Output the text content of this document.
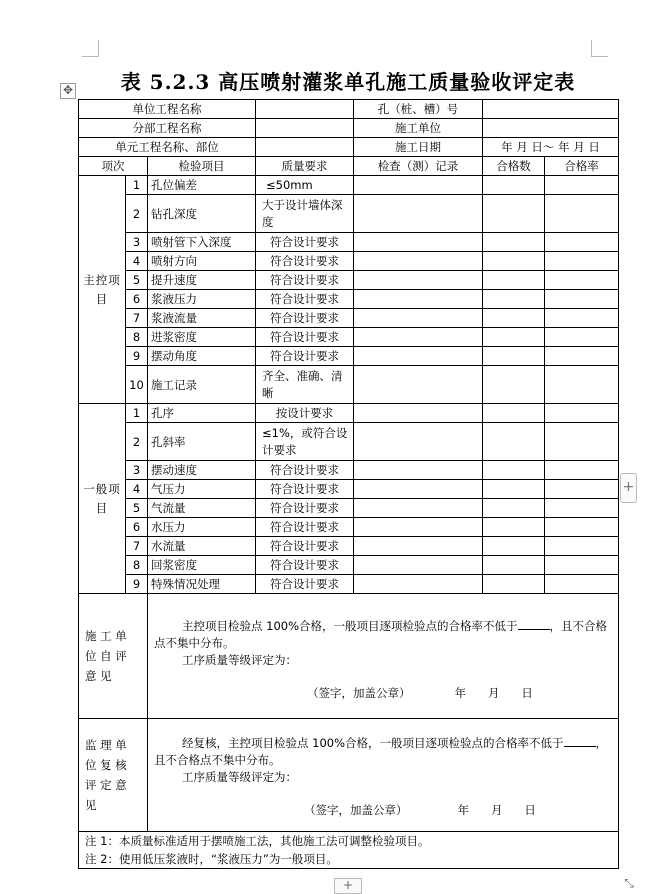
✥
+
+	⤡
表 5.2.3 高压喷射灌浆单孔施工质量验收评定表
单位工程名称				孔（桩、槽）号		
分部工程名称				施工单位		
单元工程名称、部位				施工日期	年 月 日～ 年 月 日	
项次		检验项目	质量要求	检查（测）记录	合格数	合格率
主控项目	1	孔位偏差	≤50mm			
	2	钻孔深度	大于设计墙体深度			
	3	喷射管下入深度	符合设计要求			
	4	喷射方向	符合设计要求			
	5	提升速度	符合设计要求			
	6	浆液压力	符合设计要求			
	7	浆液流量	符合设计要求			
	8	进浆密度	符合设计要求			
	9	摆动角度	符合设计要求			
	10	施工记录	齐全、准确、清晰			
一般项目	1	孔序	按设计要求			
	2	孔斜率	≤1%，或符合设计要求			
	3	摆动速度	符合设计要求			
	4	气压力	符合设计要求			
	5	气流量	符合设计要求			
	6	水压力	符合设计要求			
	7	水流量	符合设计要求			
	8	回浆密度	符合设计要求			
	9	特殊情况处理	符合设计要求			
施 工 单 位 自 评 意 见		主控项目检验点 100%合格，一般项目逐项检验点的合格率不低于 ，且不合格点不集中分布。

工序质量等级评定为：

（签字，加盖公章） 年      月      日				

监 理 单 位 复 核 评 定 意 见		经复核，主控项目检验点 100%合格，一般项目逐项检验点的合格率不低于 ，且不合格点不集中分布。

工序质量等级评定为：

（签字，加盖公章） 年      月      日				

注 1：本质量标准适用于摆喷施工法，其他施工法可调整检验项目。						
注 2：使用低压浆液时，“浆液压力”为一般项目。						
